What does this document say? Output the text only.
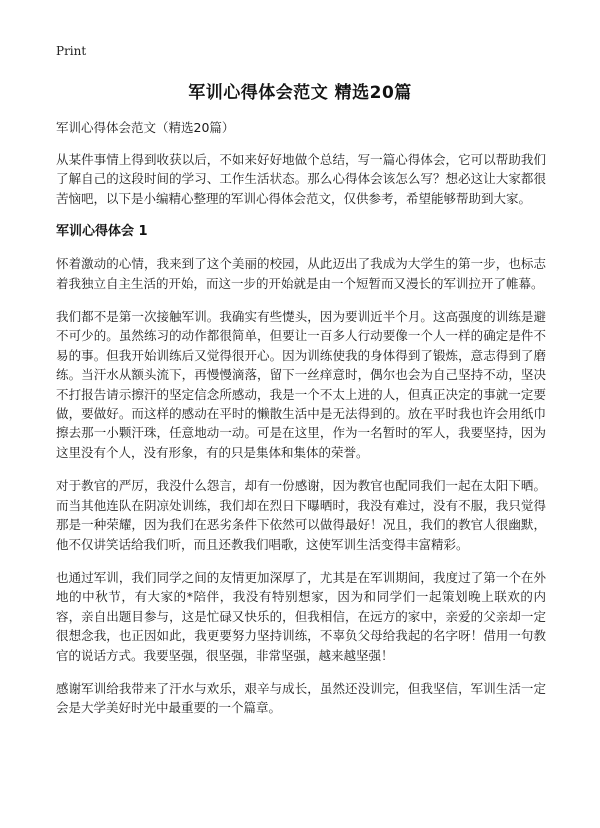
Print
军训心得体会范文 精选20篇

军训心得体会范文（精选20篇）

从某件事情上得到收获以后，不如来好好地做个总结，写一篇心得体会，它可以帮助我们了解自己的这段时间的学习、工作生活状态。那么心得体会该怎么写？想必这让大家都很苦恼吧，以下是小编精心整理的军训心得体会范文，仅供参考，希望能够帮助到大家。

军训心得体会 1

怀着激动的心情，我来到了这个美丽的校园，从此迈出了我成为大学生的第一步，也标志着我独立自主生活的开始，而这一步的开始就是由一个短暂而又漫长的军训拉开了帷幕。

我们都不是第一次接触军训。我确实有些憷头，因为要训近半个月。这高强度的训练是避不可少的。虽然练习的动作都很简单，但要让一百多人行动要像一个人一样的确定是件不易的事。但我开始训练后又觉得很开心。因为训练使我的身体得到了锻炼，意志得到了磨练。当汗水从额头流下，再慢慢滴落，留下一丝痒意时，偶尔也会为自己坚持不动，坚决不打报告请示擦汗的坚定信念所感动，我是一个不太上进的人，但真正决定的事就一定要做，要做好。而这样的感动在平时的懒散生活中是无法得到的。放在平时我也许会用纸巾擦去那一小颗汗珠，任意地动一动。可是在这里，作为一名暂时的军人，我要坚持，因为这里没有个人，没有形象，有的只是集体和集体的荣誉。

对于教官的严厉，我没什么怨言，却有一份感谢，因为教官也配同我们一起在太阳下晒。而当其他连队在阴凉处训练，我们却在烈日下曝晒时，我没有难过，没有不服，我只觉得那是一种荣耀，因为我们在恶劣条件下依然可以做得最好！况且，我们的教官人很幽默，他不仅讲笑话给我们听，而且还教我们唱歌，这使军训生活变得丰富精彩。

也通过军训，我们同学之间的友情更加深厚了，尤其是在军训期间，我度过了第一个在外地的中秋节，有大家的*陪伴，我没有特别想家，因为和同学们一起策划晚上联欢的内容，亲自出题目参与，这是忙碌又快乐的，但我相信，在远方的家中，亲爱的父亲却一定很想念我，也正因如此，我更要努力坚持训练，不辜负父母给我起的名字呀！借用一句教官的说话方式。我要坚强，很坚强，非常坚强，越来越坚强！

感谢军训给我带来了汗水与欢乐，艰辛与成长，虽然还没训完，但我坚信，军训生活一定会是大学美好时光中最重要的一个篇章。
